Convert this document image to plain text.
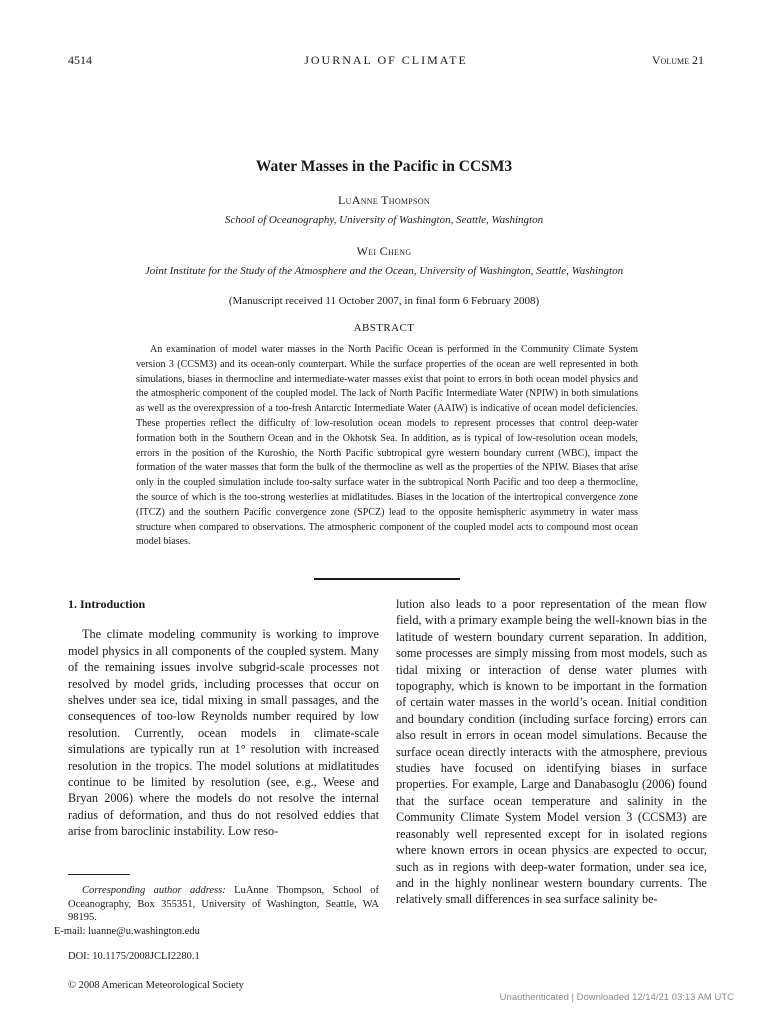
4514	JOURNAL OF CLIMATE	Volume 21
Water Masses in the Pacific in CCSM3
LuAnne Thompson
School of Oceanography, University of Washington, Seattle, Washington
Wei Cheng
Joint Institute for the Study of the Atmosphere and the Ocean, University of Washington, Seattle, Washington
(Manuscript received 11 October 2007, in final form 6 February 2008)
ABSTRACT

An examination of model water masses in the North Pacific Ocean is performed in the Community Climate System version 3 (CCSM3) and its ocean-only counterpart. While the surface properties of the ocean are well represented in both simulations, biases in thermocline and intermediate-water masses exist that point to errors in both ocean model physics and the atmospheric component of the coupled model. The lack of North Pacific Intermediate Water (NPIW) in both simulations as well as the overexpression of a too-fresh Antarctic Intermediate Water (AAIW) is indicative of ocean model deficiencies. These properties reflect the difficulty of low-resolution ocean models to represent processes that control deep-water formation both in the Southern Ocean and in the Okhotsk Sea. In addition, as is typical of low-resolution ocean models, errors in the position of the Kuroshio, the North Pacific subtropical gyre western boundary current (WBC), impact the formation of the water masses that form the bulk of the thermocline as well as the properties of the NPIW. Biases that arise only in the coupled simulation include too-salty surface water in the subtropical North Pacific and too deep a thermocline, the source of which is the too-strong westerlies at midlatitudes. Biases in the location of the intertropical convergence zone (ITCZ) and the southern Pacific convergence zone (SPCZ) lead to the opposite hemispheric asymmetry in water mass structure when compared to observations. The atmospheric component of the coupled model acts to compound most ocean model biases.

1. Introduction

The climate modeling community is working to improve model physics in all components of the coupled system. Many of the remaining issues involve subgrid-scale processes not resolved by model grids, including processes that occur on shelves under sea ice, tidal mixing in small passages, and the consequences of too-low Reynolds number required by low resolution. Currently, ocean models in climate-scale simulations are typically run at 1° resolution with increased resolution in the tropics. The model solutions at midlatitudes continue to be limited by resolution (see, e.g., Weese and Bryan 2006) where the models do not resolve the internal radius of deformation, and thus do not resolved eddies that arise from baroclinic instability. Low reso-

lution also leads to a poor representation of the mean flow field, with a primary example being the well-known bias in the latitude of western boundary current separation. In addition, some processes are simply missing from most models, such as tidal mixing or interaction of dense water plumes with topography, which is known to be important in the formation of certain water masses in the world’s ocean. Initial condition and boundary condition (including surface forcing) errors can also result in errors in ocean model simulations. Because the surface ocean directly interacts with the atmosphere, previous studies have focused on identifying biases in surface properties. For example, Large and Danabasoglu (2006) found that the surface ocean temperature and salinity in the Community Climate System Model version 3 (CCSM3) are reasonably well represented except for in isolated regions where known errors in ocean physics are expected to occur, such as in regions with deep-water formation, under sea ice, and in the highly nonlinear western boundary currents. The relatively small differences in sea surface salinity be-

Corresponding author address: LuAnne Thompson, School of Oceanography, Box 355351, University of Washington, Seattle, WA 98195.
E-mail: luanne@u.washington.edu

DOI: 10.1175/2008JCLI2280.1
© 2008 American Meteorological Society
Unauthenticated | Downloaded 12/14/21 03:13 AM UTC
